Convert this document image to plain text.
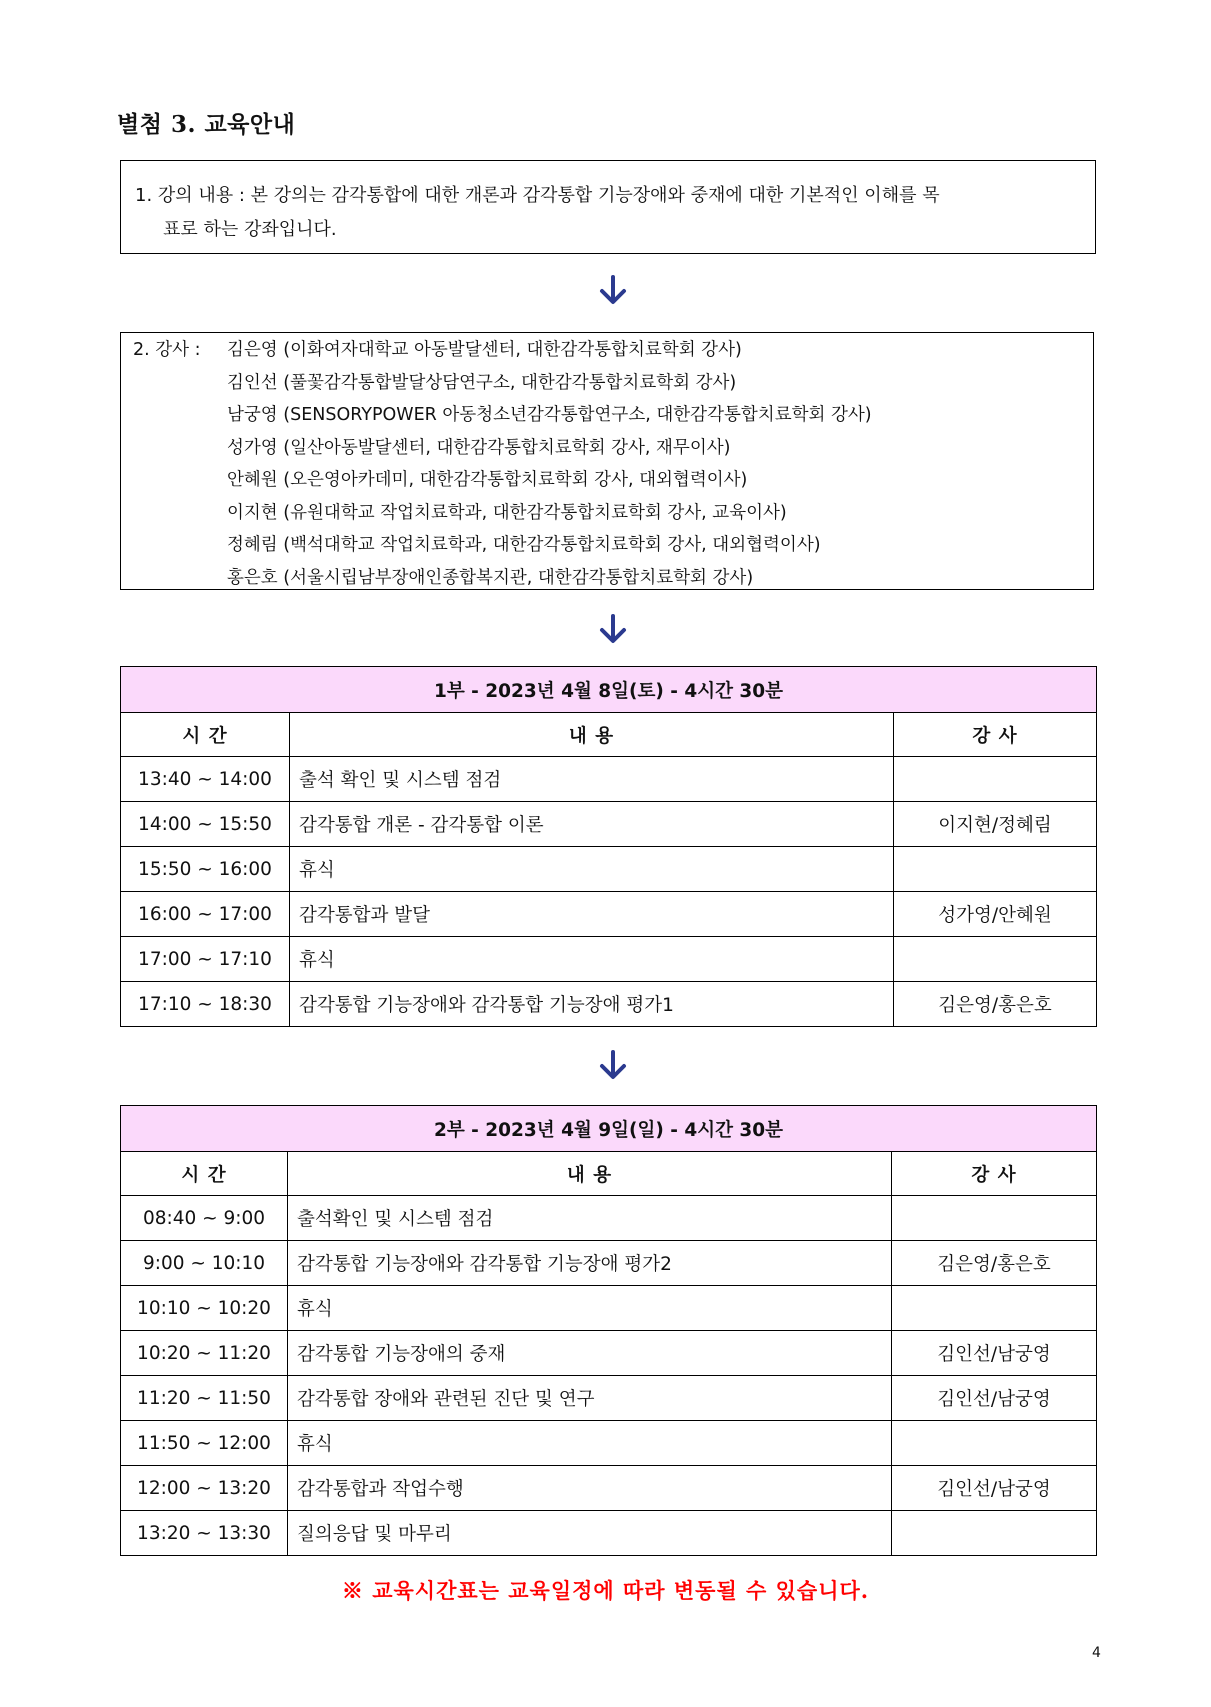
별첨 3. 교육안내
1. 강의 내용 : 본 강의는 감각통합에 대한 개론과 감각통합 기능장애와 중재에 대한 기본적인 이해를 목
표로 하는 강좌입니다.
2. 강사 :	김은영 (이화여자대학교 아동발달센터, 대한감각통합치료학회 강사)
김인선 (풀꽃감각통합발달상담연구소, 대한감각통합치료학회 강사)
남궁영 (SENSORYPOWER 아동청소년감각통합연구소, 대한감각통합치료학회 강사)
성가영 (일산아동발달센터, 대한감각통합치료학회 강사, 재무이사)
안혜원 (오은영아카데미, 대한감각통합치료학회 강사, 대외협력이사)
이지현 (유원대학교 작업치료학과, 대한감각통합치료학회 강사, 교육이사)
정혜림 (백석대학교 작업치료학과, 대한감각통합치료학회 강사, 대외협력이사)
홍은호 (서울시립남부장애인종합복지관, 대한감각통합치료학회 강사)
1부 - 2023년 4월 8일(토) - 4시간 30분		
시 간	내 용	강 사
13:40 ~ 14:00	출석 확인 및 시스템 점검	
14:00 ~ 15:50	감각통합 개론 - 감각통합 이론	이지현/정혜림
15:50 ~ 16:00	휴식	
16:00 ~ 17:00	감각통합과 발달	성가영/안혜원
17:00 ~ 17:10	휴식	
17:10 ~ 18:30	감각통합 기능장애와 감각통합 기능장애 평가1	김은영/홍은호
2부 - 2023년 4월 9일(일) - 4시간 30분		
시 간	내 용	강 사
08:40 ~ 9:00	출석확인 및 시스템 점검	
9:00 ~ 10:10	감각통합 기능장애와 감각통합 기능장애 평가2	김은영/홍은호
10:10 ~ 10:20	휴식	
10:20 ~ 11:20	감각통합 기능장애의 중재	김인선/남궁영
11:20 ~ 11:50	감각통합 장애와 관련된 진단 및 연구	김인선/남궁영
11:50 ~ 12:00	휴식	
12:00 ~ 13:20	감각통합과 작업수행	김인선/남궁영
13:20 ~ 13:30	질의응답 및 마무리	
※ 교육시간표는 교육일정에 따라 변동될 수 있습니다.
4
